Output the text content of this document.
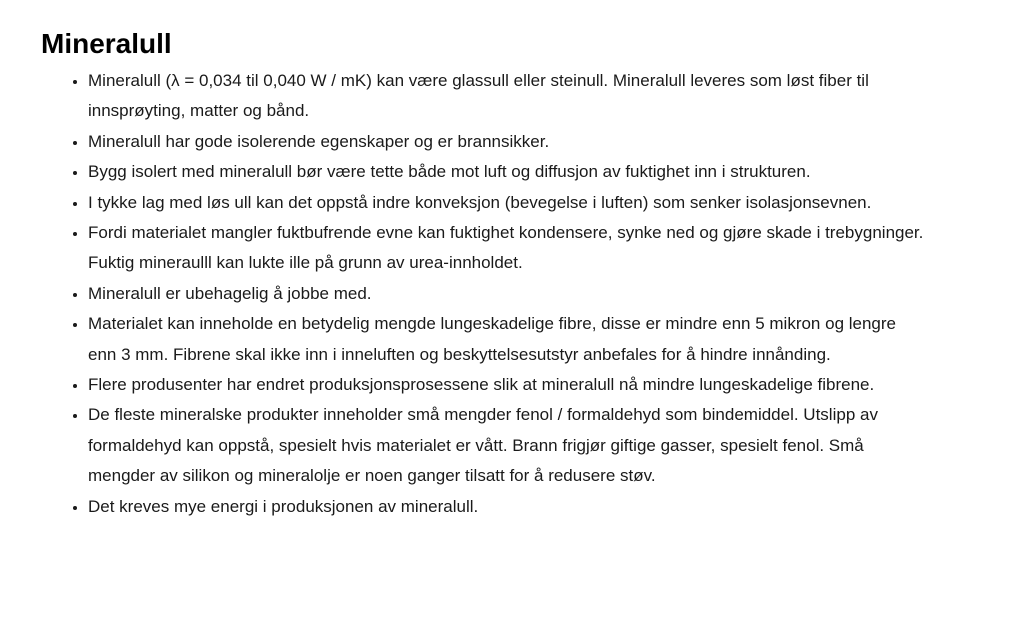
Mineralull
• Mineralull (λ = 0,034 til 0,040 W / mK) kan være glassull eller steinull. Mineralull leveres som løst fiber til innsprøyting, matter og bånd.
• Mineralull har gode isolerende egenskaper og er brannsikker.
• Bygg isolert med mineralull bør være tette både mot luft og diffusjon av fuktighet inn i strukturen.
• I tykke lag med løs ull kan det oppstå indre konveksjon (bevegelse i luften) som senker isolasjonsevnen.
• Fordi materialet mangler fuktbufrende evne kan fuktighet kondensere, synke ned og gjøre skade i trebygninger. Fuktig mineraulll kan lukte ille på grunn av urea-innholdet.
• Mineralull er ubehagelig å jobbe med.
• Materialet kan inneholde en betydelig mengde lungeskadelige fibre, disse er mindre enn 5 mikron og lengre enn 3 mm. Fibrene skal ikke inn i inneluften og beskyttelsesutstyr anbefales for å hindre innånding.
• Flere produsenter har endret produksjonsprosessene slik at mineralull nå mindre lungeskadelige fibrene.
• De fleste mineralske produkter inneholder små mengder fenol / formaldehyd som bindemiddel. Utslipp av formaldehyd kan oppstå, spesielt hvis materialet er vått. Brann frigjør giftige gasser, spesielt fenol. Små mengder av silikon og mineralolje er noen ganger tilsatt for å redusere støv.
• Det kreves mye energi i produksjonen av mineralull.
